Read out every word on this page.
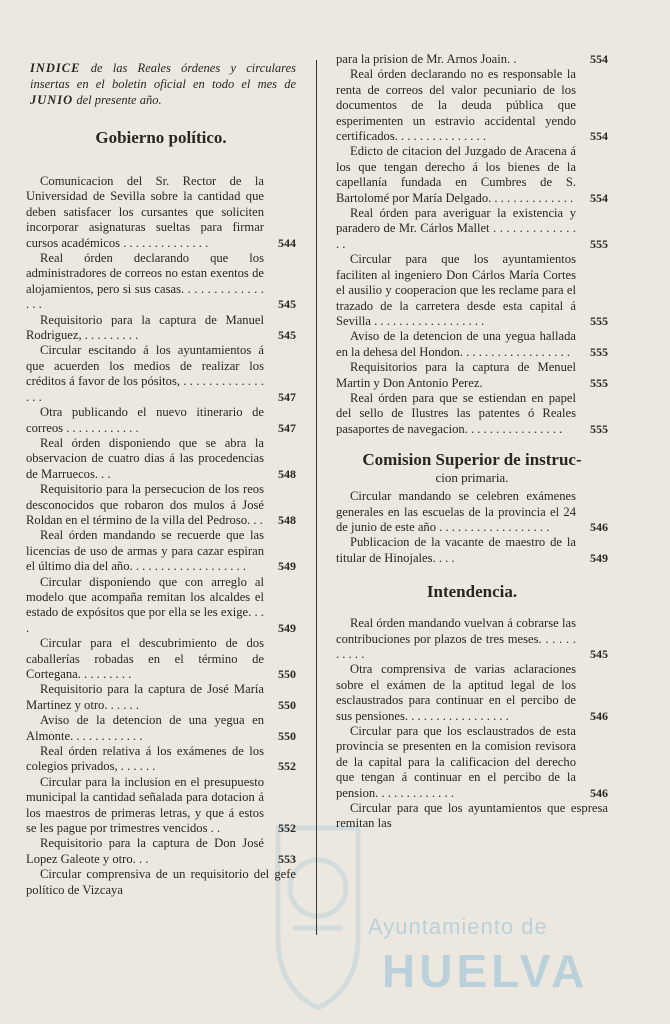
Ayuntamiento de
HUELVA
INDICE de las Reales órdenes y circulares insertas en el boletin oficial en todo el mes de JUNIO del presente año.
Gobierno político.
Comunicacion del Sr. Rector de la Universidad de Sevilla sobre la cantidad que deben satisfacer los cursantes que soliciten incorporar asignaturas sueltas para firmar cursos académicos . . . . . . . . . . . . . .	544
Real órden declarando que los administradores de correos no estan exentos de alojamientos, pero si sus casas. . . . . . . . . . . . . . . .	545
Requisitorio para la captura de Manuel Rodriguez, . . . . . . . . .	545
Circular escitando á los ayuntamientos á que acuerden los medios de realizar los créditos á favor de los pósitos, . . . . . . . . . . . . . . . .	547
Otra publicando el nuevo itinerario de correos . . . . . . . . . . . .	547
Real órden disponiendo que se abra la observacion de cuatro dias á las procedencias de Marruecos. . .	548
Requisitorio para la persecucion de los reos desconocidos que robaron dos mulos á José Roldan en el término de la villa del Pedroso. . . 548
Real órden mandando se recuerde que las licencias de uso de armas y para cazar espiran el último dia del año. . . . . . . . . . . . . . . . . . .	549
Circular disponiendo que con arreglo al modelo que acompaña remitan los alcaldes el estado de expósitos que por ella se les exige. . . .	549
Circular para el descubrimiento de dos caballerías robadas en el término de Cortegana. . . . . . . . .	550
Requisitorio para la captura de José María Martinez y otro. . . . . .	550
Aviso de la detencion de una yegua en Almonte. . . . . . . . . . . .	550
Real órden relativa á los exámenes de los colegios privados, . . . . . .	552
Circular para la inclusion en el presupuesto municipal la cantidad señalada para dotacion á los maestros de primeras letras, y que á estos se les pague por trimestres vencidos . .	552
Requisitorio para la captura de Don José Lopez Galeote y otro. . .	553
Circular comprensiva de un requisitorio del gefe político de Vizcaya
para la prision de Mr. Arnos Joain. .	554
Real órden declarando no es responsable la renta de correos del valor pecuniario de los documentos de la deuda pública que esperimenten un estravio accidental yendo certificados. . . . . . . . . . . . . . .	554
Edicto de citacion del Juzgado de Aracena á los que tengan derecho á los bienes de la capellanía fundada en Cumbres de S. Bartolomé por María Delgado. . . . . . . . . . . . . . 554
Real órden para averiguar la existencia y paradero de Mr. Cárlos Mallet . . . . . . . . . . . . . . .	555
Circular para que los ayuntamientos faciliten al ingeniero Don Cárlos María Cortes el ausilio y cooperacion que les reclame para el trazado de la carretera desde esta capital á Sevilla . . . . . . . . . . . . . . . . . .	555
Aviso de la detencion de una yegua hallada en la dehesa del Hondon. . . . . . . . . . . . . . . . . . 555
Requisitorios para la captura de Menuel Martin y Don Antonio Perez.	555
Real órden para que se estiendan en papel del sello de Ilustres las patentes ó Reales pasaportes de navegacion. . . . . . . . . . . . . . . . 555
Comision Superior de instruc-
cion primaria.
Circular mandando se celebren exámenes generales en las escuelas de la provincia el 24 de junio de este año . . . . . . . . . . . . . . . . . .	546
Publicacion de la vacante de maestro de la titular de Hinojales. . . .	549
Intendencia.
Real órden mandando vuelvan á cobrarse las contribuciones por plazos de tres meses. . . . . . . . . . .	545
Otra comprensiva de varias aclaraciones sobre el exámen de la aptitud legal de los esclaustrados para continuar en el percibo de sus pensiones. . . . . . . . . . . . . . . . .	546
Circular para que los esclaustrados de esta provincia se presenten en la comision revisora de la capital para la calificacion del derecho que tengan á continuar en el percibo de la pension. . . . . . . . . . . . .	546
Circular para que los ayuntamientos que espresa remitan las
